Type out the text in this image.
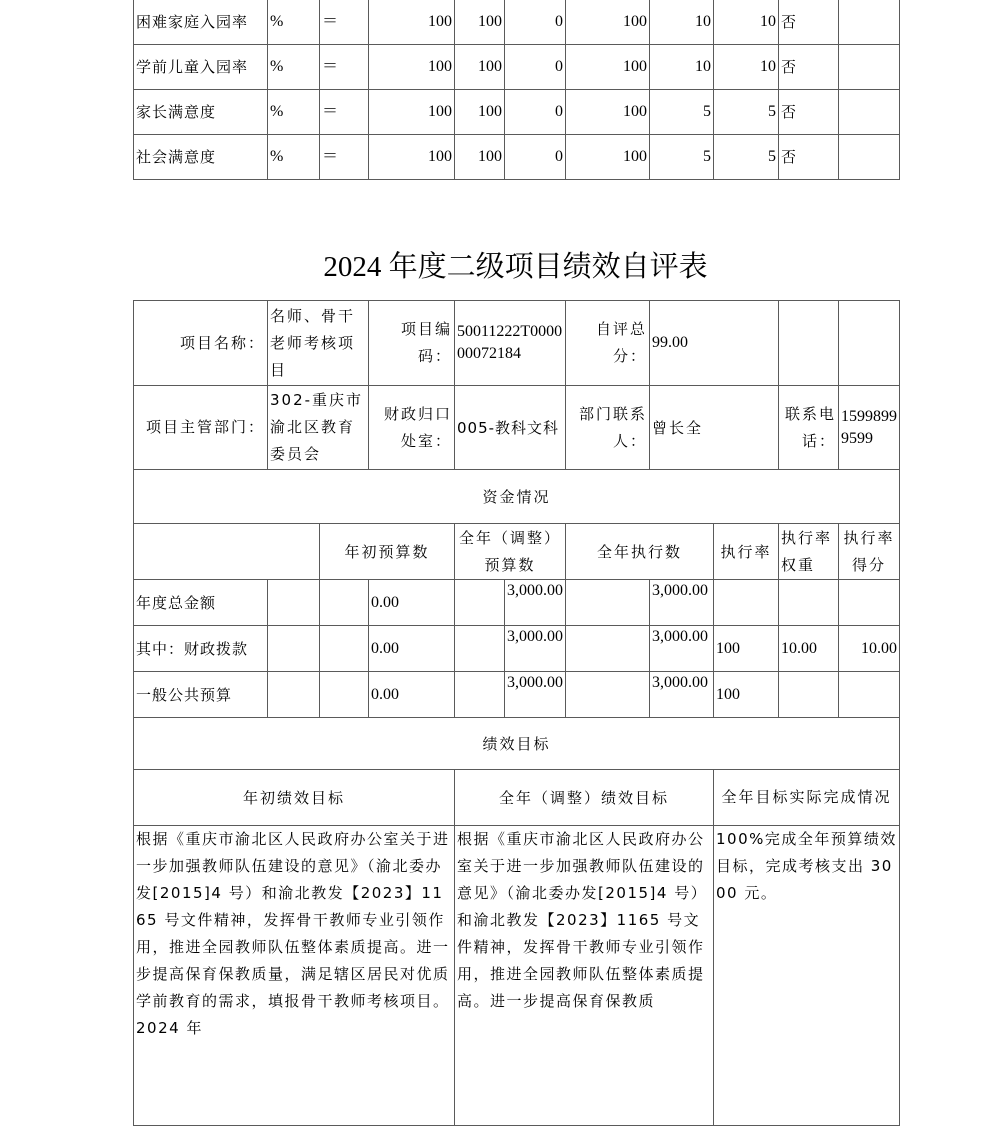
困难家庭入园率	%	＝	100	100	0	100	10	10	否	
学前儿童入园率	%	＝	100	100	0	100	10	10	否	
家长满意度	%	＝	100	100	0	100	5	5	否	
社会满意度	%	＝	100	100	0	100	5	5	否	
2024 年度二级项目绩效自评表
项目名称：	名师、骨干老师考核项目		项目编码：	50011222T000000072184		自评总分：	99.00			
项目主管部门：	302-重庆市渝北区教育委员会		财政归口处室：	005-教科文科		部门联系人：	曾长全		联系电话：	15998999599
资金情况										
		年初预算数		全年（调整）预算数		全年执行数		执行率	执行率权重	执行率得分
年度总金额			0.00		3,000.00		3,000.00			
其中：财政拨款			0.00		3,000.00		3,000.00	100	10.00	10.00
一般公共预算			0.00		3,000.00		3,000.00	100		
绩效目标										
年初绩效目标				全年（调整）绩效目标				全年目标实际完成情况		
根据《重庆市渝北区人民政府办公室关于进一步加强教师队伍建设的意见》（渝北委办发[2015]4 号）和渝北教发【2023】1165 号文件精神，发挥骨干教师专业引领作用，推进全园教师队伍整体素质提高。进一步提高保育保教质量，满足辖区居民对优质学前教育的需求，填报骨干教师考核项目。2024 年				根据《重庆市渝北区人民政府办公室关于进一步加强教师队伍建设的意见》（渝北委办发[2015]4 号）和渝北教发【2023】1165 号文件精神，发挥骨干教师专业引领作用，推进全园教师队伍整体素质提高。进一步提高保育保教质				100%完成全年预算绩效目标，完成考核支出 3000 元。		
